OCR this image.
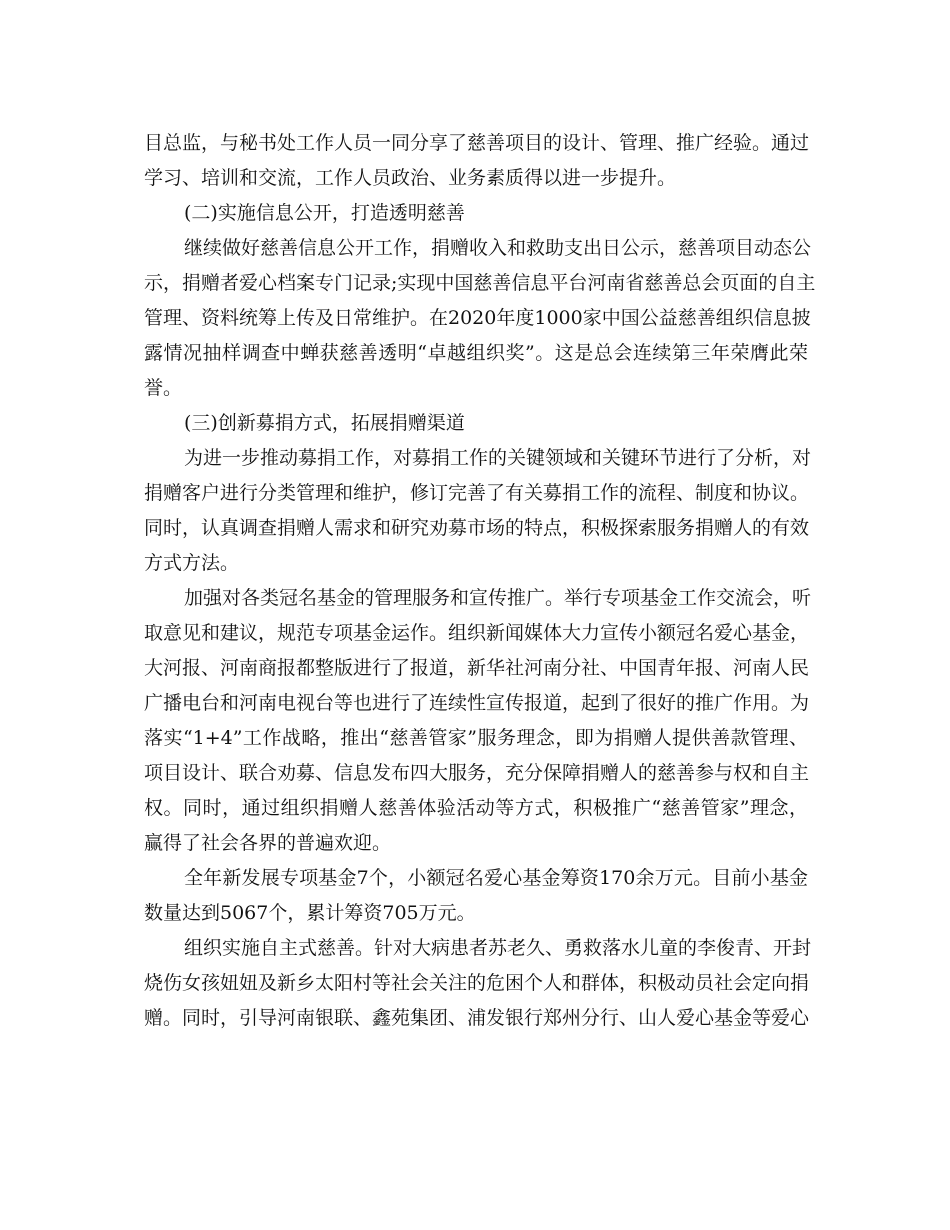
目总监，与秘书处工作人员一同分享了慈善项目的设计、管理、推广经验。通过
学习、培训和交流，工作人员政治、业务素质得以进一步提升。
(二)实施信息公开，打造透明慈善
继续做好慈善信息公开工作，捐赠收入和救助支出日公示，慈善项目动态公
示，捐赠者爱心档案专门记录;实现中国慈善信息平台河南省慈善总会页面的自主
管理、资料统筹上传及日常维护。在2020年度1000家中国公益慈善组织信息披
露情况抽样调查中蝉获慈善透明“卓越组织奖”。这是总会连续第三年荣膺此荣
誉。
(三)创新募捐方式，拓展捐赠渠道
为进一步推动募捐工作，对募捐工作的关键领域和关键环节进行了分析，对
捐赠客户进行分类管理和维护，修订完善了有关募捐工作的流程、制度和协议。
同时，认真调查捐赠人需求和研究劝募市场的特点，积极探索服务捐赠人的有效
方式方法。
加强对各类冠名基金的管理服务和宣传推广。举行专项基金工作交流会，听
取意见和建议，规范专项基金运作。组织新闻媒体大力宣传小额冠名爱心基金，
大河报、河南商报都整版进行了报道，新华社河南分社、中国青年报、河南人民
广播电台和河南电视台等也进行了连续性宣传报道，起到了很好的推广作用。为
落实“1+4”工作战略，推出“慈善管家”服务理念，即为捐赠人提供善款管理、
项目设计、联合劝募、信息发布四大服务，充分保障捐赠人的慈善参与权和自主
权。同时，通过组织捐赠人慈善体验活动等方式，积极推广“慈善管家”理念，
赢得了社会各界的普遍欢迎。
全年新发展专项基金7个，小额冠名爱心基金筹资170余万元。目前小基金
数量达到5067个，累计筹资705万元。
组织实施自主式慈善。针对大病患者苏老久、勇救落水儿童的李俊青、开封
烧伤女孩妞妞及新乡太阳村等社会关注的危困个人和群体，积极动员社会定向捐
赠。同时，引导河南银联、鑫苑集团、浦发银行郑州分行、山人爱心基金等爱心
